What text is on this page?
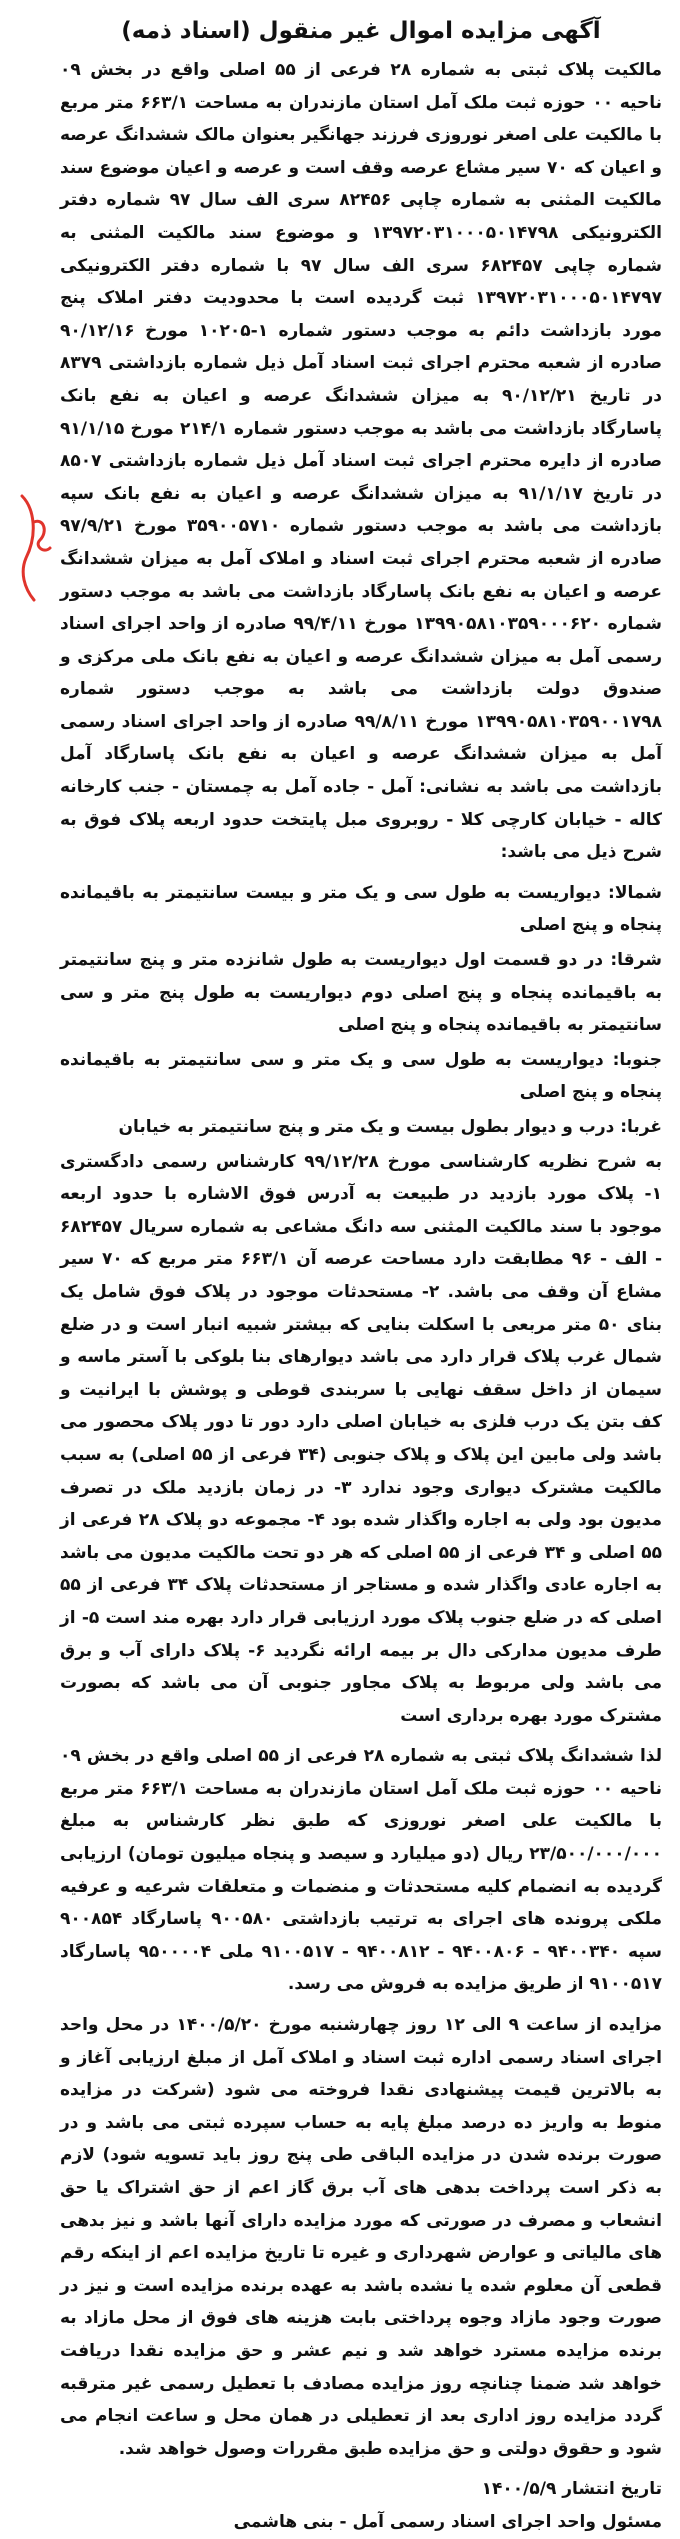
آگهی مزایده اموال غیر منقول (اسناد ذمه)

مالکیت پلاک ثبتی به شماره ۲۸ فرعی از ۵۵ اصلی واقع در بخش ۰۹ ناحیه ۰۰ حوزه ثبت ملک آمل استان مازندران به مساحت ۶۶۳/۱ متر مربع با مالکیت علی اصغر نوروزی فرزند جهانگیر بعنوان مالک ششدانگ عرصه و اعیان که ۷۰ سیر مشاع عرصه وقف است و عرصه و اعیان موضوع سند مالکیت المثنی به شماره چاپی ۸۲۴۵۶ سری الف سال ۹۷ شماره دفتر الکترونیکی ۱۳۹۷۲۰۳۱۰۰۰۵۰۱۴۷۹۸ و موضوع سند مالکیت المثنی به شماره چاپی ۶۸۲۴۵۷ سری الف سال ۹۷ با شماره دفتر الکترونیکی ۱۳۹۷۲۰۳۱۰۰۰۵۰۱۴۷۹۷ ثبت گردیده است با محدودیت دفتر املاک پنج مورد بازداشت دائم به موجب دستور شماره ۱-۱۰۲۰۵ مورخ ۹۰/۱۲/۱۶ صادره از شعبه محترم اجرای ثبت اسناد آمل ذیل شماره بازداشتی ۸۳۷۹ در تاریخ ۹۰/۱۲/۲۱ به میزان ششدانگ عرصه و اعیان به نفع بانک پاسارگاد بازداشت می باشد به موجب دستور شماره ۲۱۴/۱ مورخ ۹۱/۱/۱۵ صادره از دایره محترم اجرای ثبت اسناد آمل ذیل شماره بازداشتی ۸۵۰۷ در تاریخ ۹۱/۱/۱۷ به میزان ششدانگ عرصه و اعیان به نفع بانک سپه بازداشت می باشد به موجب دستور شماره ۳۵۹۰۰۵۷۱۰ مورخ ۹۷/۹/۲۱ صادره از شعبه محترم اجرای ثبت اسناد و املاک آمل به میزان ششدانگ عرصه و اعیان به نفع بانک پاسارگاد بازداشت می باشد به موجب دستور شماره ۱۳۹۹۰۵۸۱۰۳۵۹۰۰۰۶۲۰ مورخ ۹۹/۴/۱۱ صادره از واحد اجرای اسناد رسمی آمل به میزان ششدانگ عرصه و اعیان به نفع بانک ملی مرکزی و صندوق دولت بازداشت می باشد به موجب دستور شماره ۱۳۹۹۰۵۸۱۰۳۵۹۰۰۱۷۹۸ مورخ ۹۹/۸/۱۱ صادره از واحد اجرای اسناد رسمی آمل به میزان ششدانگ عرصه و اعیان به نفع بانک پاسارگاد آمل بازداشت می باشد به نشانی: آمل - جاده آمل به چمستان - جنب کارخانه کاله - خیابان کارچی کلا - روبروی مبل پایتخت حدود اربعه پلاک فوق به شرح ذیل می باشد:

شمالا: دیواریست به طول سی و یک متر و بیست سانتیمتر به باقیمانده پنجاه و پنج اصلی

شرقا: در دو قسمت اول دیواریست به طول شانزده متر و پنج سانتیمتر به باقیمانده پنجاه و پنج اصلی دوم دیواریست به طول پنج متر و سی سانتیمتر به باقیمانده پنجاه و پنج اصلی

جنوبا: دیواریست به طول سی و یک متر و سی سانتیمتر به باقیمانده پنجاه و پنج اصلی

غربا: درب و دیوار بطول بیست و یک متر و پنج سانتیمتر به خیابان

به شرح نظریه کارشناسی مورخ ۹۹/۱۲/۲۸ کارشناس رسمی دادگستری ۱- پلاک مورد بازدید در طبیعت به آدرس فوق الاشاره با حدود اربعه موجود با سند مالکیت المثنی سه دانگ مشاعی به شماره سریال ۶۸۲۴۵۷ - الف - ۹۶ مطابقت دارد مساحت عرصه آن ۶۶۳/۱ متر مربع که ۷۰ سیر مشاع آن وقف می باشد. ۲- مستحدثات موجود در پلاک فوق شامل یک بنای ۵۰ متر مربعی با اسکلت بنایی که بیشتر شبیه انبار است و در ضلع شمال غرب پلاک قرار دارد می باشد دیوارهای بنا بلوکی با آستر ماسه و سیمان از داخل سقف نهایی با سربندی قوطی و پوشش با ایرانیت و کف بتن یک درب فلزی به خیابان اصلی دارد دور تا دور پلاک محصور می باشد ولی مابین این پلاک و پلاک جنوبی (۳۴ فرعی از ۵۵ اصلی) به سبب مالکیت مشترک دیواری وجود ندارد ۳- در زمان بازدید ملک در تصرف مدیون بود ولی به اجاره واگذار شده بود ۴- مجموعه دو پلاک ۲۸ فرعی از ۵۵ اصلی و ۳۴ فرعی از ۵۵ اصلی که هر دو تحت مالکیت مدیون می باشد به اجاره عادی واگذار شده و مستاجر از مستحدثات پلاک ۳۴ فرعی از ۵۵ اصلی که در ضلع جنوب پلاک مورد ارزیابی قرار دارد بهره مند است ۵- از طرف مدیون مدارکی دال بر بیمه ارائه نگردید ۶- پلاک دارای آب و برق می باشد ولی مربوط به پلاک مجاور جنوبی آن می باشد که بصورت مشترک مورد بهره برداری است

لذا ششدانگ پلاک ثبتی به شماره ۲۸ فرعی از ۵۵ اصلی واقع در بخش ۰۹ ناحیه ۰۰ حوزه ثبت ملک آمل استان مازندران به مساحت ۶۶۳/۱ متر مربع با مالکیت علی اصغر نوروزی که طبق نظر کارشناس به مبلغ ۲۳/۵۰۰/۰۰۰/۰۰۰ ریال (دو میلیارد و سیصد و پنجاه میلیون تومان) ارزیابی گردیده به انضمام کلیه مستحدثات و منضمات و متعلقات شرعیه و عرفیه ملکی پرونده های اجرای به ترتیب بازداشتی ۹۰۰۵۸۰ پاسارگاد ۹۰۰۸۵۴ سپه ۹۴۰۰۳۴۰ - ۹۴۰۰۸۰۶ - ۹۴۰۰۸۱۲ - ۹۱۰۰۵۱۷ ملی ۹۵۰۰۰۰۴ پاسارگاد ۹۱۰۰۵۱۷ از طریق مزایده به فروش می رسد.

مزایده از ساعت ۹ الی ۱۲ روز چهارشنبه مورخ ۱۴۰۰/۵/۲۰ در محل واحد اجرای اسناد رسمی اداره ثبت اسناد و املاک آمل از مبلغ ارزیابی آغاز و به بالاترین قیمت پیشنهادی نقدا فروخته می شود (شرکت در مزایده منوط به واریز ده درصد مبلغ پایه به حساب سپرده ثبتی می باشد و در صورت برنده شدن در مزایده الباقی طی پنج روز باید تسویه شود) لازم به ذکر است پرداخت بدهی های آب برق گاز اعم از حق اشتراک یا حق انشعاب و مصرف در صورتی که مورد مزایده دارای آنها باشد و نیز بدهی های مالیاتی و عوارض شهرداری و غیره تا تاریخ مزایده اعم از اینکه رقم قطعی آن معلوم شده یا نشده باشد به عهده برنده مزایده است و نیز در صورت وجود مازاد وجوه پرداختی بابت هزینه های فوق از محل مازاد به برنده مزایده مسترد خواهد شد و نیم عشر و حق مزایده نقدا دریافت خواهد شد ضمنا چنانچه روز مزایده مصادف با تعطیل رسمی غیر مترقبه گردد مزایده روز اداری بعد از تعطیلی در همان محل و ساعت انجام می شود و حقوق دولتی و حق مزایده طبق مقررات وصول خواهد شد.

تاریخ انتشار ۱۴۰۰/۵/۹

مسئول واحد اجرای اسناد رسمی آمل - بنی هاشمی
